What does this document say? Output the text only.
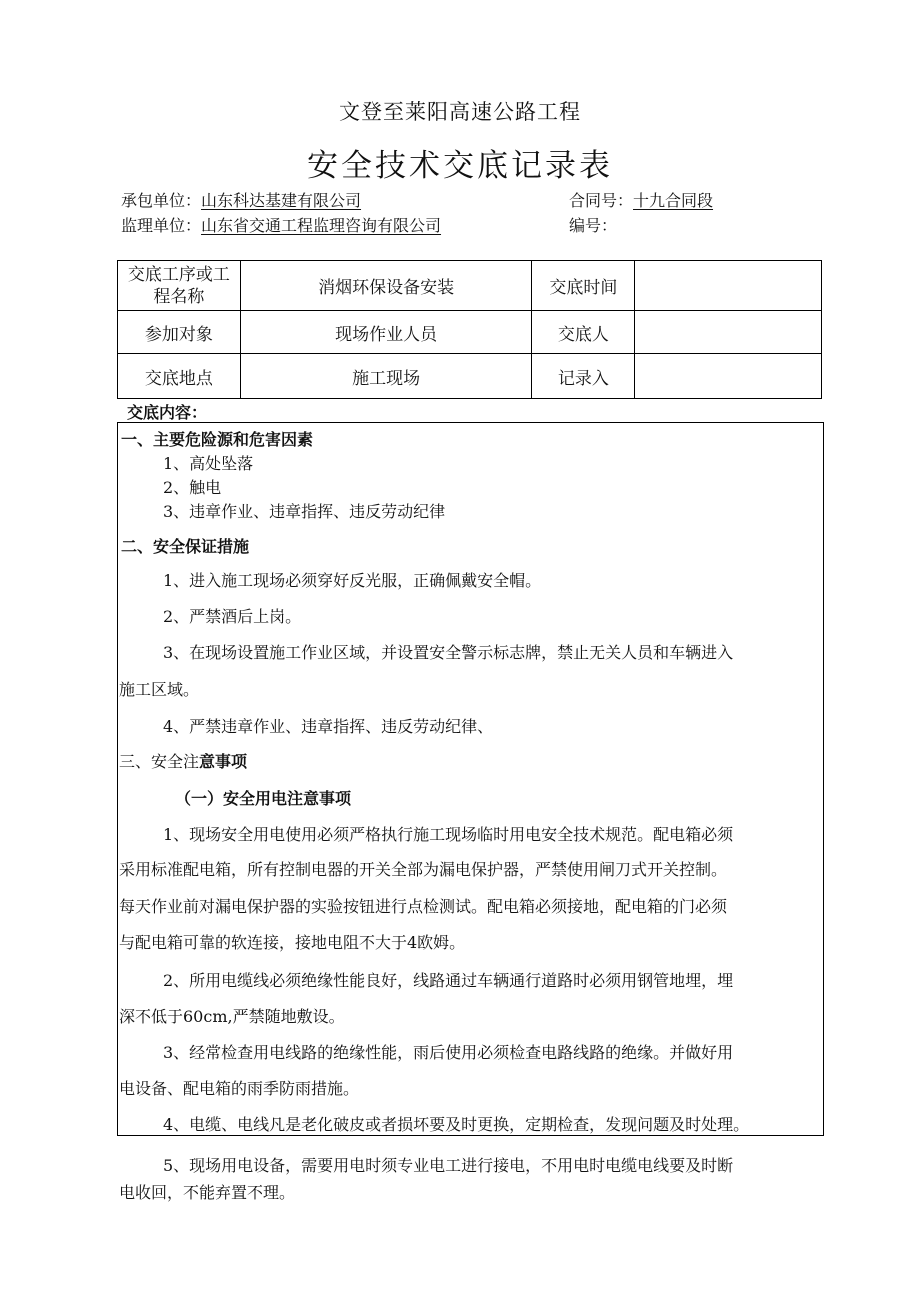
文登至莱阳高速公路工程
安全技术交底记录表
承包单位：山东科达基建有限公司	合同号：十九合同段
监理单位：山东省交通工程监理咨询有限公司	编号：
交底工序或工程名称	消烟环保设备安装	交底时间	
参加对象	现场作业人员	交底人	
交底地点	施工现场	记录入	
交底内容：
一、主要危险源和危害因素
1、高处坠落
2、触电
3、违章作业、违章指挥、违反劳动纪律
二、安全保证措施
1、进入施工现场必须穿好反光服，正确佩戴安全帽。
2、严禁酒后上岗。
3、在现场设置施工作业区域，并设置安全警示标志牌，禁止无关人员和车辆进入
施工区域。
4、严禁违章作业、违章指挥、违反劳动纪律、
三、安全注意事项
（一）安全用电注意事项
1、现场安全用电使用必须严格执行施工现场临时用电安全技术规范。配电箱必须
采用标准配电箱，所有控制电器的开关全部为漏电保护器，严禁使用闸刀式开关控制。
每天作业前对漏电保护器的实验按钮进行点检测试。配电箱必须接地，配电箱的门必须
与配电箱可靠的软连接，接地电阻不大于4欧姆。
2、所用电缆线必须绝缘性能良好，线路通过车辆通行道路时必须用钢管地埋，埋
深不低于60cm,严禁随地敷设。
3、经常检查用电线路的绝缘性能，雨后使用必须检查电路线路的绝缘。并做好用
电设备、配电箱的雨季防雨措施。
4、电缆、电线凡是老化破皮或者损坏要及时更换，定期检查，发现问题及时处理。
5、现场用电设备，需要用电时须专业电工进行接电，不用电时电缆电线要及时断
电收回，不能弃置不理。
